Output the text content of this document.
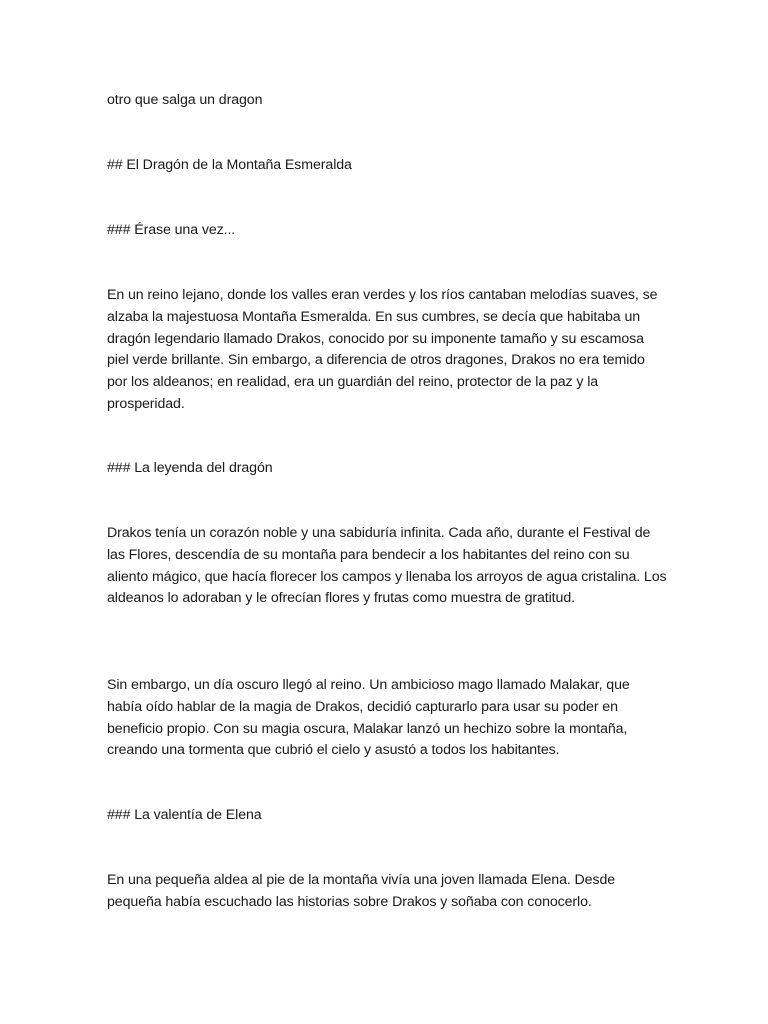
otro que salga un dragon

## El Dragón de la Montaña Esmeralda

### Érase una vez...

En un reino lejano, donde los valles eran verdes y los ríos cantaban melodías suaves, se alzaba la majestuosa Montaña Esmeralda. En sus cumbres, se decía que habitaba un dragón legendario llamado Drakos, conocido por su imponente tamaño y su escamosa piel verde brillante. Sin embargo, a diferencia de otros dragones, Drakos no era temido por los aldeanos; en realidad, era un guardián del reino, protector de la paz y la prosperidad.

### La leyenda del dragón

Drakos tenía un corazón noble y una sabiduría infinita. Cada año, durante el Festival de las Flores, descendía de su montaña para bendecir a los habitantes del reino con su aliento mágico, que hacía florecer los campos y llenaba los arroyos de agua cristalina. Los aldeanos lo adoraban y le ofrecían flores y frutas como muestra de gratitud.

Sin embargo, un día oscuro llegó al reino. Un ambicioso mago llamado Malakar, que había oído hablar de la magia de Drakos, decidió capturarlo para usar su poder en beneficio propio. Con su magia oscura, Malakar lanzó un hechizo sobre la montaña, creando una tormenta que cubrió el cielo y asustó a todos los habitantes.

### La valentía de Elena

En una pequeña aldea al pie de la montaña vivía una joven llamada Elena. Desde pequeña había escuchado las historias sobre Drakos y soñaba con conocerlo.
